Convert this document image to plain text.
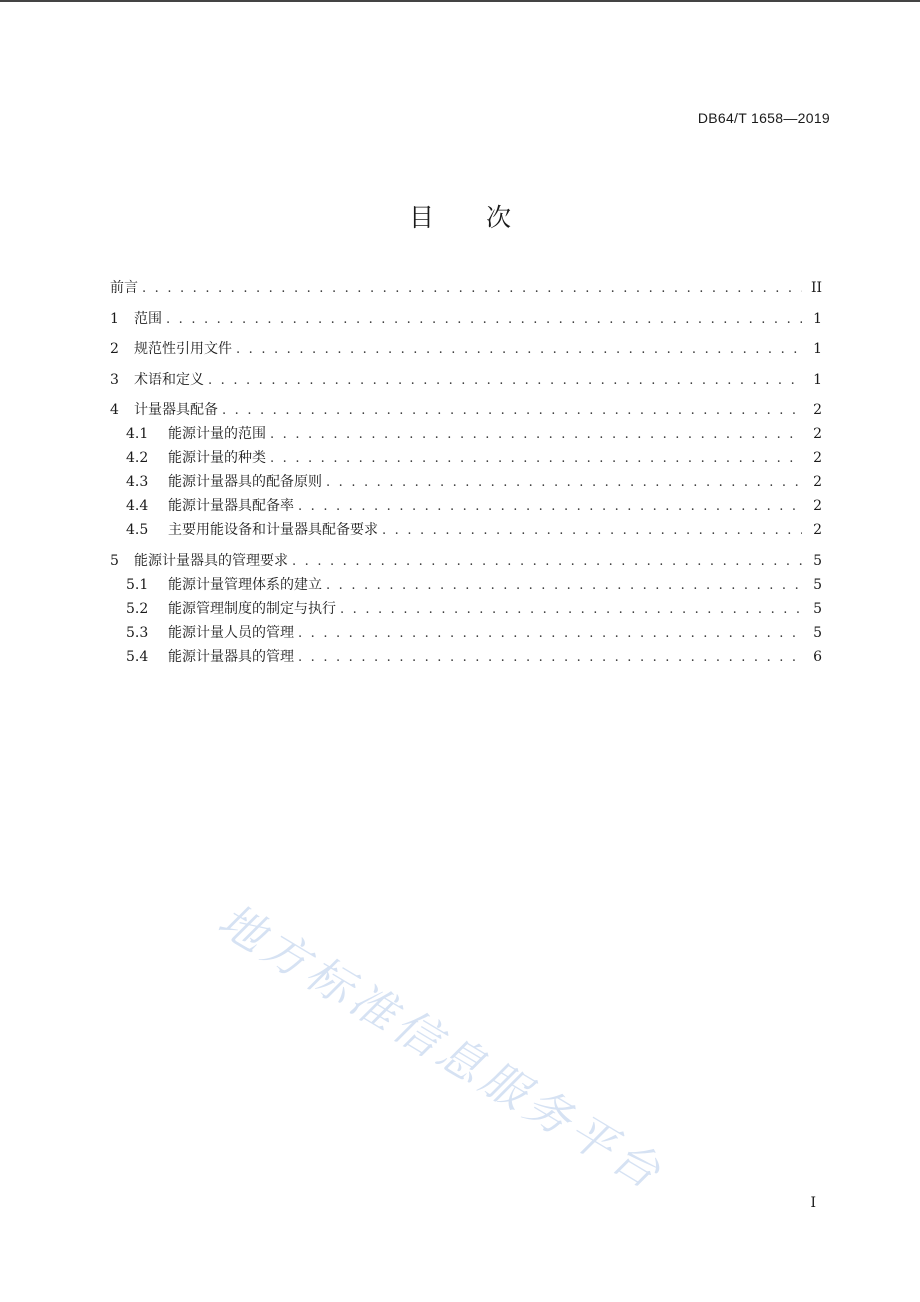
DB64/T 1658—2019
目 次
前言 . . .	II
1	范围 . . .	1
2	规范性引用文件 . . .	1
3	术语和定义 . . .	1
4	计量器具配备 . . .	2
4.1	能源计量的范围 . . .	2
4.2	能源计量的种类 . . .	2
4.3	能源计量器具的配备原则 . . .	2
4.4	能源计量器具配备率 . . .	2
4.5	主要用能设备和计量器具配备要求 . . .	2
5	能源计量器具的管理要求 . . .	5
5.1	能源计量管理体系的建立 . . .	5
5.2	能源管理制度的制定与执行 . . .	5
5.3	能源计量人员的管理 . . .	5
5.4	能源计量器具的管理 . . .	6
地方标准信息服务平台
I
